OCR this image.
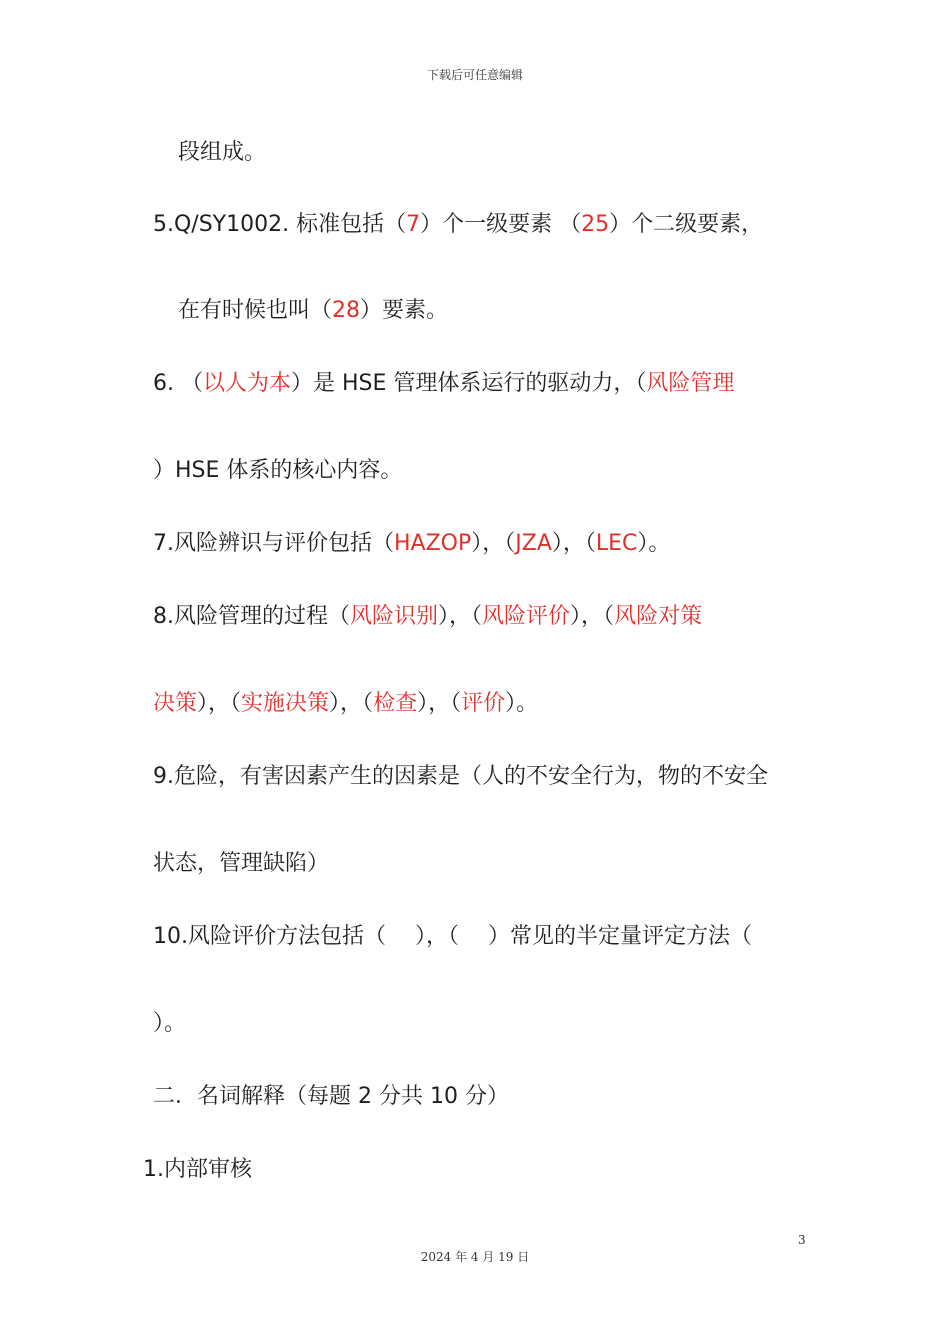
下载后可任意编辑
段组成。
5.Q/SY1002. 标准包括（7）个一级要素 （25）个二级要素，
在有时候也叫（28）要素。
6. （以人为本）是 HSE 管理体系运行的驱动力，（风险管理
）HSE 体系的核心内容。
7.风险辨识与评价包括（HAZOP），（JZA），（LEC）。
8.风险管理的过程（风险识别），（风险评价），（风险对策
决策），（实施决策），（检查），（评价）。
9.危险，有害因素产生的因素是（人的不安全行为，物的不安全
状态，管理缺陷）
10.风险评价方法包括（　 ），（　 ）常见的半定量评定方法（
）。
二．名词解释（每题 2 分共 10 分）
1.内部审核
3
2024 年 4 月 19 日
